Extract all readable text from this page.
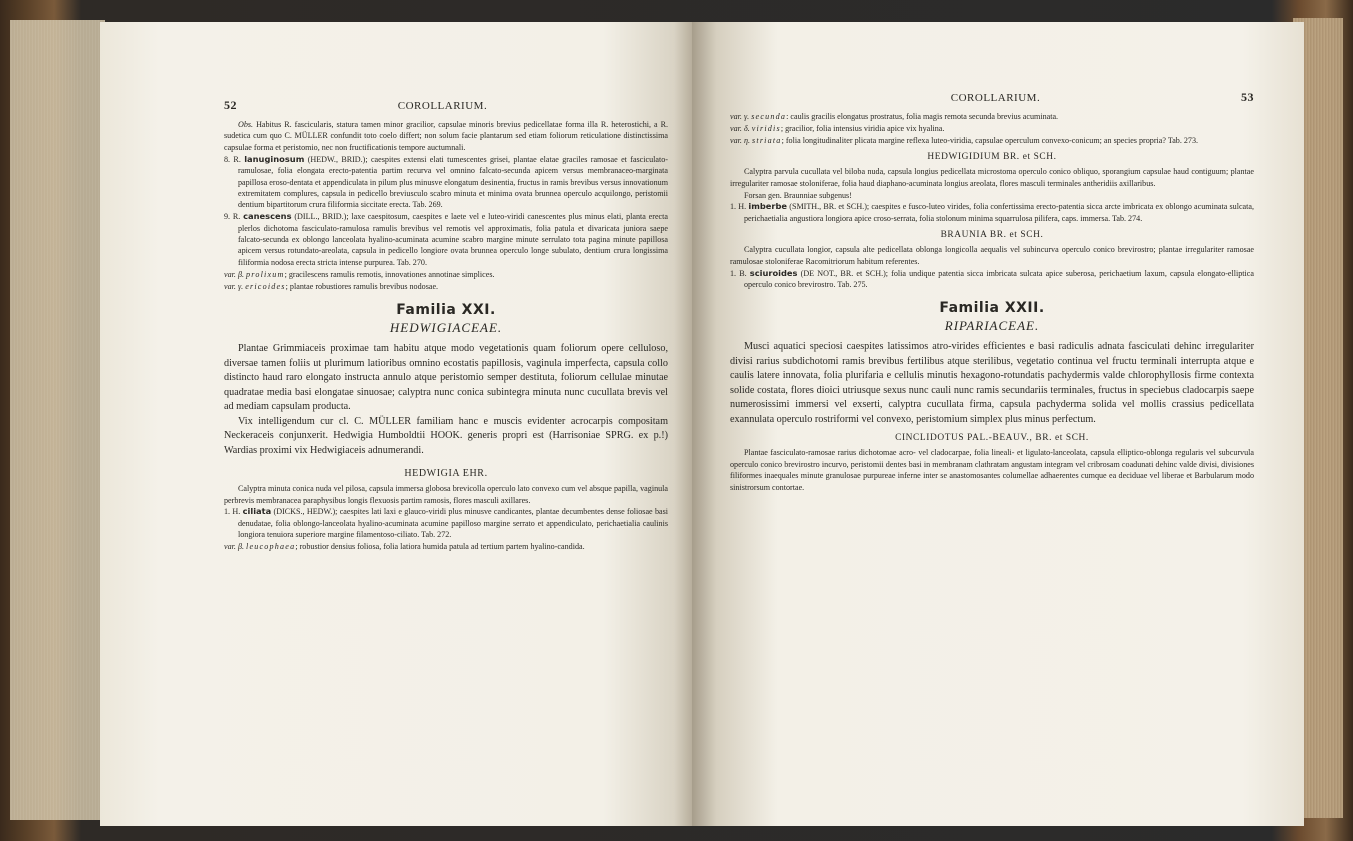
52	COROLLARIUM.

Obs. Habitus R. fascicularis, statura tamen minor gracilior, capsulae minoris brevius pedicellatae forma illa R. heterostichi, a R. sudetica cum quo C. MÜLLER confundit toto coelo differt; non solum facie plantarum sed etiam foliorum reticulatione distinctissima capsulae forma et peristomio, nec non fructificationis tempore auctumnali.

8. R. lanuginosum (HEDW., BRID.); caespites extensi elati tumescentes grisei, plantae elatae graciles ramosae et fasciculato-ramulosae, folia elongata erecto-patentia partim recurva vel omnino falcato-secunda apicem versus membranaceo-marginata papillosa eroso-dentata et appendiculata in pilum plus minusve elongatum desinentia, fructus in ramis brevibus versus innovationum extremitatem complures, capsula in pedicello breviusculo scabro minuta et minima ovata brunnea operculo acquilongo, peristomii dentium bipartitorum crura filiformia siccitate erecta. Tab. 269.

9. R. canescens (DILL., BRID.); laxe caespitosum, caespites e laete vel e luteo-viridi canescentes plus minus elati, planta erecta plerlos dichotoma fasciculato-ramulosa ramulis brevibus vel remotis vel approximatis, folia patula et divaricata juniora saepe falcato-secunda ex oblongo lanceolata hyalino-acuminata acumine scabro margine minute serrulato tota pagina minute papillosa apicem versus rotundato-areolata, capsula in pedicello longiore ovata brunnea operculo longe subulato, dentium crura longissima filiformia nodosa erecta stricta intense purpurea. Tab. 270.

var. β. prolixum; gracilescens ramulis remotis, innovationes annotinae simplices.

var. γ. ericoides; plantae robustiores ramulis brevibus nodosae.

Familia XXI.
HEDWIGIACEAE.

Plantae Grimmiaceis proximae tam habitu atque modo vegetationis quam foliorum opere celluloso, diversae tamen foliis ut plurimum latioribus omnino ecostatis papillosis, vaginula imperfecta, capsula collo distincto haud raro elongato instructa annulo atque peristomio semper destituta, foliorum cellulae minutae quadratae media basi elongatae sinuosae; calyptra nunc conica subintegra minuta nunc cucullata brevis vel ad mediam capsulam producta.

Vix intelligendum cur cl. C. MÜLLER familiam hanc e muscis evidenter acrocarpis compositam Neckeraceis conjunxerit. Hedwigia Humboldtii HOOK. generis propri est (Harrisoniae SPRG. ex p.!) Wardias proximi vix Hedwigiaceis adnumerandi.

HEDWIGIA EHR.

Calyptra minuta conica nuda vel pilosa, capsula immersa globosa brevicolla operculo lato convexo cum vel absque papilla, vaginula perbrevis membranacea paraphysibus longis flexuosis partim ramosis, flores masculi axillares.

1. H. ciliata (DICKS., HEDW.); caespites lati laxi e glauco-viridi plus minusve candicantes, plantae decumbentes dense foliosae basi denudatae, folia oblongo-lanceolata hyalino-acuminata acumine papilloso margine serrato et appendiculato, perichaetialia caulinis longiora tenuiora superiore margine filamentoso-ciliato. Tab. 272.

var. β. leucophaea; robustior densius foliosa, folia latiora humida patula ad tertium partem hyalino-candida.

COROLLARIUM.	53

var. γ. secunda: caulis gracilis elongatus prostratus, folia magis remota secunda brevius acuminata.

var. δ. viridis; gracilior, folia intensius viridia apice vix hyalina.

var. η. striata; folia longitudinaliter plicata margine reflexa luteo-viridia, capsulae operculum convexo-conicum; an species propria? Tab. 273.

HEDWIGIDIUM BR. et SCH.

Calyptra parvula cucullata vel biloba nuda, capsula longius pedicellata microstoma operculo conico obliquo, sporangium capsulae haud contiguum; plantae irregulariter ramosae stoloniferae, folia haud diaphano-acuminata longius areolata, flores masculi terminales antheridiis axillaribus.

Forsan gen. Braunniae subgenus!

1. H. imberbe (SMITH., BR. et SCH.); caespites e fusco-luteo virides, folia confertissima erecto-patentia sicca arcte imbricata ex oblongo acuminata sulcata, perichaetialia angustiora longiora apice croso-serrata, folia stolonum minima squarrulosa pilifera, caps. immersa. Tab. 274.

BRAUNIA BR. et SCH.

Calyptra cucullata longior, capsula alte pedicellata oblonga longicolla aequalis vel subincurva operculo conico brevirostro; plantae irregulariter ramosae ramulosae stoloniferae Racomitriorum habitum referentes.

1. B. sciuroides (DE NOT., BR. et SCH.); folia undique patentia sicca imbricata sulcata apice suberosa, perichaetium laxum, capsula elongato-elliptica operculo conico brevirostro. Tab. 275.

Familia XXII.
RIPARIACEAE.

Musci aquatici speciosi caespites latissimos atro-virides efficientes e basi radiculis adnata fasciculati dehinc irregulariter divisi rarius subdichotomi ramis brevibus fertilibus atque sterilibus, vegetatio continua vel fructu terminali interrupta atque e caulis latere innovata, folia plurifaria e cellulis minutis hexagono-rotundatis pachydermis valde chlorophyllosis firme contexta solide costata, flores dioici utriusque sexus nunc cauli nunc ramis secundariis terminales, fructus in speciebus cladocarpis saepe numerosissimi immersi vel exserti, calyptra cucullata firma, capsula pachyderma solida vel mollis crassius pedicellata exannulata operculo rostriformi vel convexo, peristomium simplex plus minus perfectum.

CINCLIDOTUS PAL.-BEAUV., BR. et SCH.

Plantae fasciculato-ramosae rarius dichotomae acro- vel cladocarpae, folia lineali- et ligulato-lanceolata, capsula elliptico-oblonga regularis vel subcurvula operculo conico brevirostro incurvo, peristomii dentes basi in membranam clathratam angustam integram vel cribrosam coadunati dehinc valde divisi, divisiones filiformes inaequales minute granulosae purpureae inferne inter se anastomosantes columellae adhaerentes cumque ea deciduae vel liberae et Barbularum modo sinistrorsum contortae.
